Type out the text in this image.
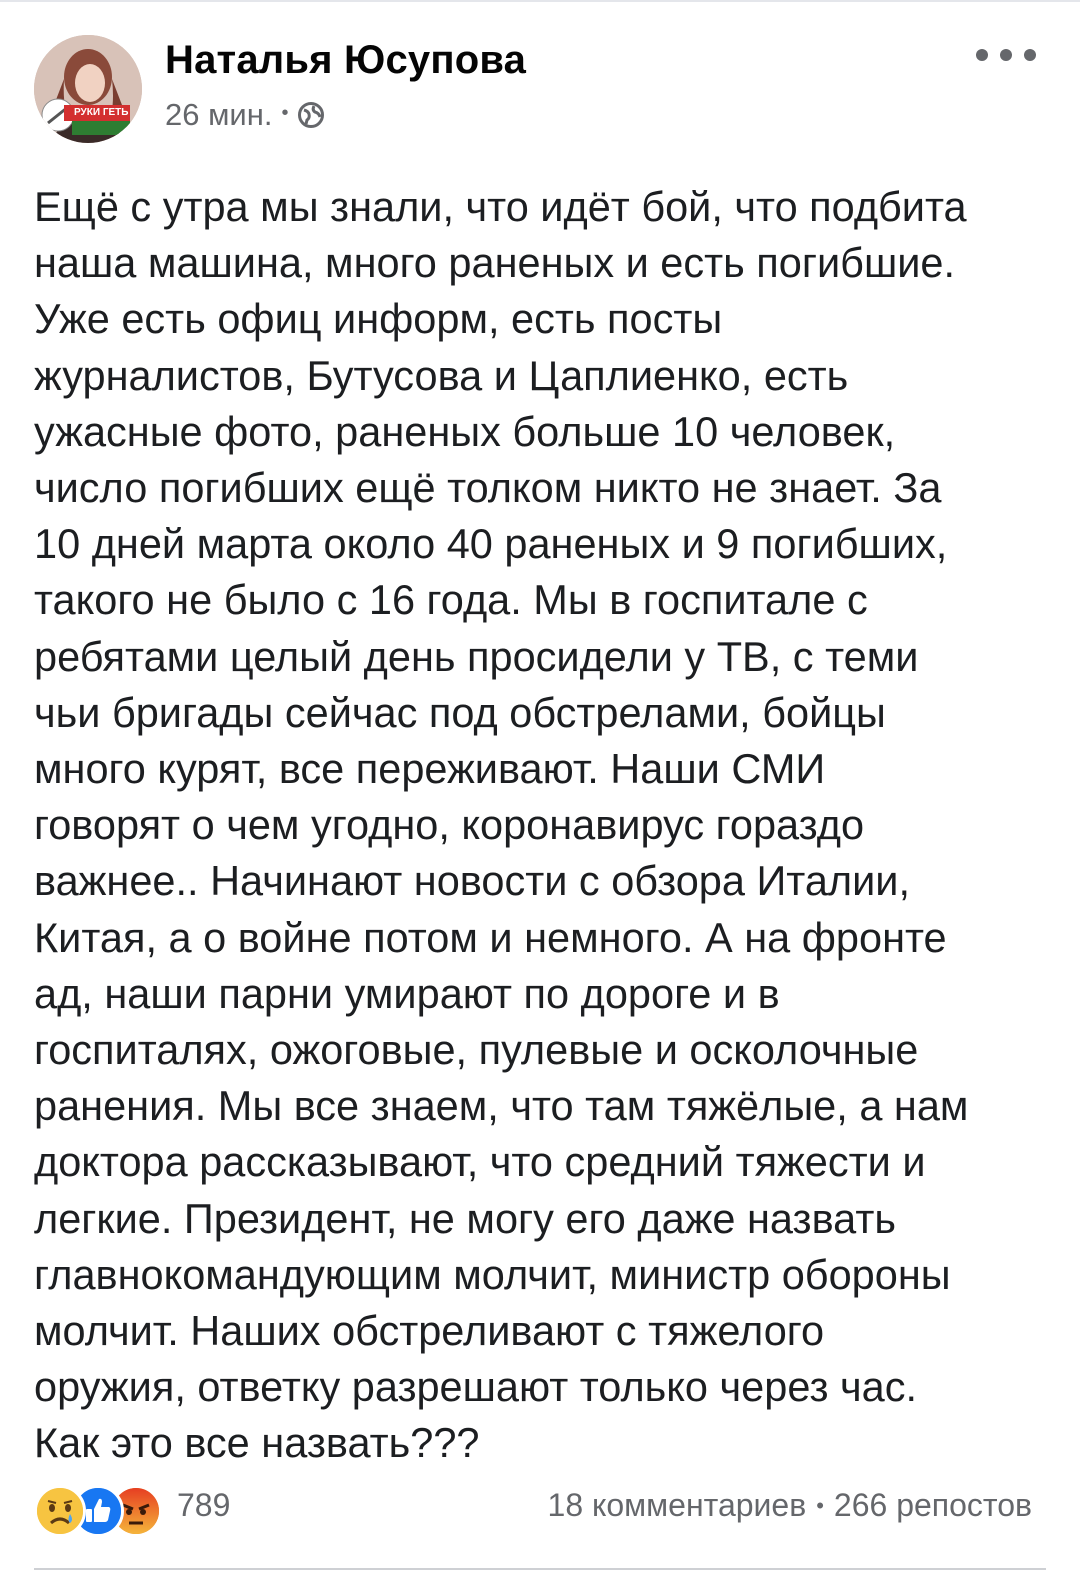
РУКИ ГЕТЬ
Наталья Юсупова
26 мин. •
Ещё с утра мы знали, что идёт бой, что подбита
наша машина, много раненых и есть погибшие.
Уже есть офиц информ, есть посты
журналистов, Бутусова и Цаплиенко, есть
ужасные фото, раненых больше 10 человек,
число погибших ещё толком никто не знает. За
10 дней марта около 40 раненых и 9 погибших,
такого не было с 16 года. Мы в госпитале с
ребятами целый день просидели у ТВ, с теми
чьи бригады сейчас под обстрелами, бойцы
много курят, все переживают. Наши СМИ
говорят о чем угодно, коронавирус гораздо
важнее.. Начинают новости с обзора Италии,
Китая, а о войне потом и немного. А на фронте
ад, наши парни умирают по дороге и в
госпиталях, ожоговые, пулевые и осколочные
ранения. Мы все знаем, что там тяжёлые, а нам
доктора рассказывают, что средний тяжести и
легкие. Президент, не могу его даже назвать
главнокомандующим молчит, министр обороны
молчит. Наших обстреливают с тяжелого
оружия, ответку разрешают только через час.
Как это все назвать???
789	18 комментариев • 266 репостов
